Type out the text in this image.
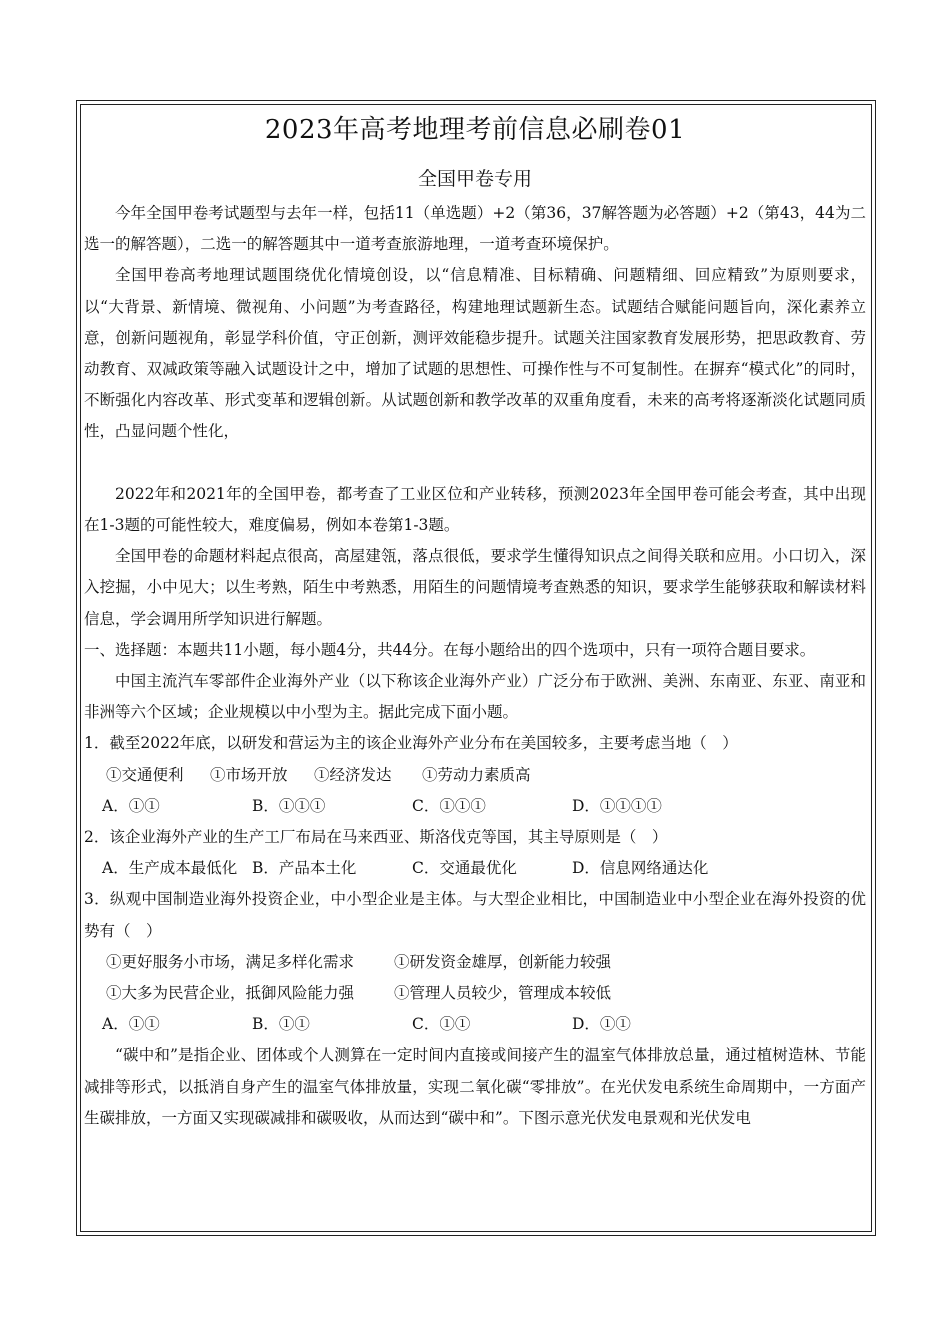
2023年高考地理考前信息必刷卷01
全国甲卷专用

今年全国甲卷考试题型与去年一样，包括11（单选题）+2（第36，37解答题为必答题）+2（第43，44为二选一的解答题），二选一的解答题其中一道考查旅游地理，一道考查环境保护。

全国甲卷高考地理试题围绕优化情境创设，以“信息精准、目标精确、问题精细、回应精致”为原则要求，以“大背景、新情境、微视角、小问题”为考查路径，构建地理试题新生态。试题结合赋能问题旨向，深化素养立意，创新问题视角，彰显学科价值，守正创新，测评效能稳步提升。试题关注国家教育发展形势，把思政教育、劳动教育、双减政策等融入试题设计之中，增加了试题的思想性、可操作性与不可复制性。在摒弃“模式化”的同时，不断强化内容改革、形式变革和逻辑创新。从试题创新和教学改革的双重角度看，未来的高考将逐渐淡化试题同质性，凸显问题个性化，

2022年和2021年的全国甲卷，都考查了工业区位和产业转移，预测2023年全国甲卷可能会考查，其中出现在1-3题的可能性较大，难度偏易，例如本卷第1-3题。

全国甲卷的命题材料起点很高，高屋建瓴，落点很低，要求学生懂得知识点之间得关联和应用。小口切入，深入挖掘，小中见大；以生考熟，陌生中考熟悉，用陌生的问题情境考查熟悉的知识，要求学生能够获取和解读材料信息，学会调用所学知识进行解题。

一、选择题：本题共11小题，每小题4分，共44分。在每小题给出的四个选项中，只有一项符合题目要求。

中国主流汽车零部件企业海外产业（以下称该企业海外产业）广泛分布于欧洲、美洲、东南亚、东亚、南亚和非洲等六个区域；企业规模以中小型为主。据此完成下面小题。

1．截至2022年底，以研发和营运为主的该企业海外产业分布在美国较多，主要考虑当地（　）

①交通便利 ①市场开放 ①经济发达 ①劳动力素质高
A．①①	B．①①①	C．①①①	D．①①①①

2．该企业海外产业的生产工厂布局在马来西亚、斯洛伐克等国，其主导原则是（　）

A．生产成本最低化 B．产品本土化	C．交通最优化	D．信息网络通达化

3．纵观中国制造业海外投资企业，中小型企业是主体。与大型企业相比，中国制造业中小型企业在海外投资的优势有（　）

①更好服务小市场，满足多样化需求	①研发资金雄厚，创新能力较强
①大多为民营企业，抵御风险能力强	①管理人员较少，管理成本较低
A．①①	B．①①	C．①①	D．①①

“碳中和”是指企业、团体或个人测算在一定时间内直接或间接产生的温室气体排放总量，通过植树造林、节能减排等形式，以抵消自身产生的温室气体排放量，实现二氧化碳“零排放”。在光伏发电系统生命周期中，一方面产生碳排放，一方面又实现碳减排和碳吸收，从而达到“碳中和”。下图示意光伏发电景观和光伏发电
